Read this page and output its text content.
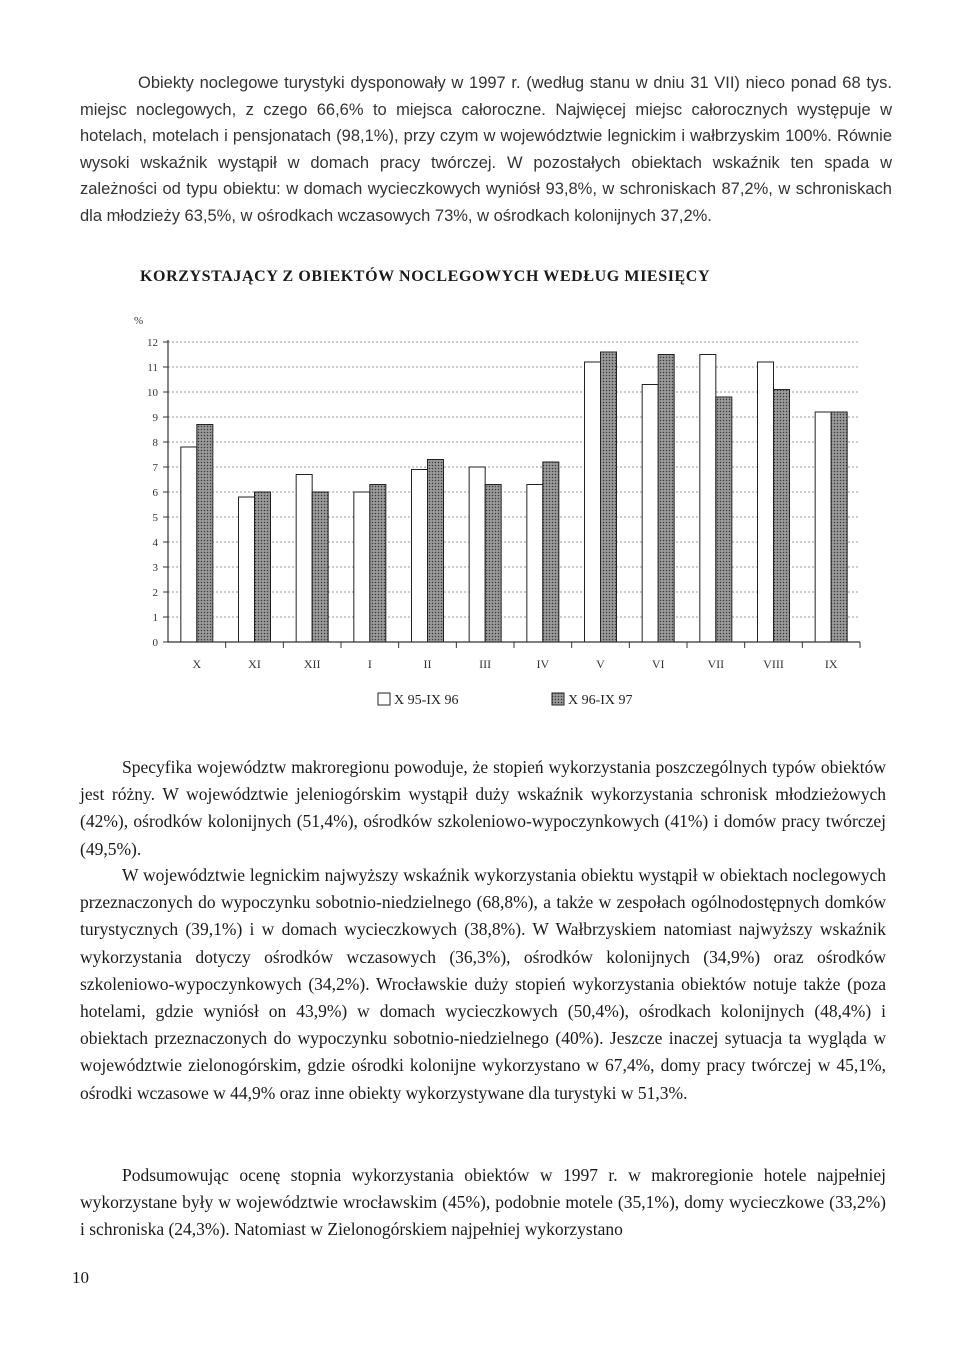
Obiekty noclegowe turystyki dysponowały w 1997 r. (według stanu w dniu 31 VII) nieco ponad 68 tys. miejsc noclegowych, z czego 66,6% to miejsca całoroczne. Najwięcej miejsc całorocznych występuje w hotelach, motelach i pensjonatach (98,1%), przy czym w województwie legnickim i wałbrzyskim 100%. Równie wysoki wskaźnik wystąpił w domach pracy twórczej. W pozostałych obiektach wskaźnik ten spada w zależności od typu obiektu: w domach wycieczkowych wyniósł 93,8%, w schroniskach 87,2%, w schroniskach dla młodzieży 63,5%, w ośrodkach wczasowych 73%, w ośrodkach kolonijnych 37,2%.

KORZYSTAJĄCY Z OBIEKTÓW NOCLEGOWYCH WEDŁUG MIESIĘCY
%
0
1
2
3
4
5
6
7
8
9
10
11
12
X	XI	XII	I	II	III	IV	V	VI	VII	VIII	IX
X 95-IX 96	X 96-IX 97

Specyfika województw makroregionu powoduje, że stopień wykorzystania poszczególnych typów obiektów jest różny. W województwie jeleniogórskim wystąpił duży wskaźnik wykorzystania schronisk młodzieżowych (42%), ośrodków kolonijnych (51,4%), ośrodków szkoleniowo-wypoczynkowych (41%) i domów pracy twórczej (49,5%).

W województwie legnickim najwyższy wskaźnik wykorzystania obiektu wystąpił w obiektach noclegowych przeznaczonych do wypoczynku sobotnio-niedzielnego (68,8%), a także w zespołach ogólnodostępnych domków turystycznych (39,1%) i w domach wycieczkowych (38,8%). W Wałbrzyskiem natomiast najwyższy wskaźnik wykorzystania dotyczy ośrodków wczasowych (36,3%), ośrodków kolonijnych (34,9%) oraz ośrodków szkoleniowo-wypoczynkowych (34,2%). Wrocławskie duży stopień wykorzystania obiektów notuje także (poza hotelami, gdzie wyniósł on 43,9%) w domach wycieczkowych (50,4%), ośrodkach kolonijnych (48,4%) i obiektach przeznaczonych do wypoczynku sobotnio-niedzielnego (40%). Jeszcze inaczej sytuacja ta wygląda w województwie zielonogórskim, gdzie ośrodki kolonijne wykorzystano w 67,4%, domy pracy twórczej w 45,1%, ośrodki wczasowe w 44,9% oraz inne obiekty wykorzystywane dla turystyki w 51,3%.

Podsumowując ocenę stopnia wykorzystania obiektów w 1997 r. w makroregionie hotele najpełniej wykorzystane były w województwie wrocławskim (45%), podobnie motele (35,1%), domy wycieczkowe (33,2%) i schroniska (24,3%). Natomiast w Zielonogórskiem najpełniej wykorzystano

10
